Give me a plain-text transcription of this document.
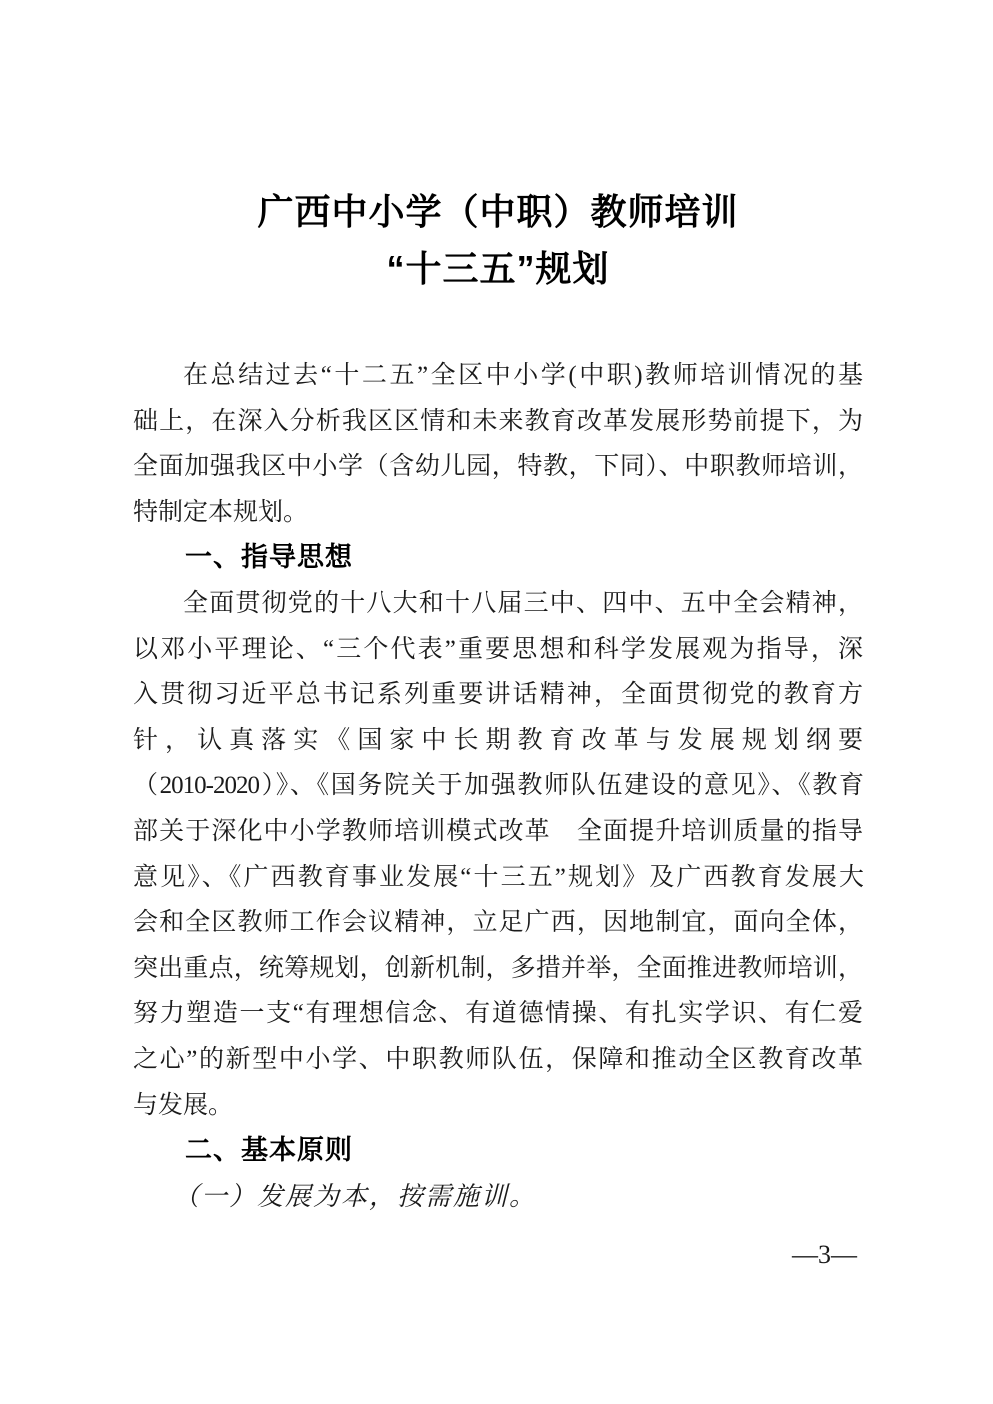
广西中小学（中职）教师培训
“十三五”规划
在总结过去“十二五”全区中小学(中职)教师培训情况的基
础上，在深入分析我区区情和未来教育改革发展形势前提下，为
全面加强我区中小学（含幼儿园，特教，下同）、中职教师培训，
特制定本规划。
一、指导思想
全面贯彻党的十八大和十八届三中、四中、五中全会精神，
以邓小平理论、“三个代表”重要思想和科学发展观为指导，深
入贯彻习近平总书记系列重要讲话精神，全面贯彻党的教育方
针，认真落实《国家中长期教育改革与发展规划纲要
（2010-2020）》、《国务院关于加强教师队伍建设的意见》、《教育
部关于深化中小学教师培训模式改革　全面提升培训质量的指导
意见》、《广西教育事业发展“十三五”规划》及广西教育发展大
会和全区教师工作会议精神，立足广西，因地制宜，面向全体，
突出重点，统筹规划，创新机制，多措并举，全面推进教师培训，
努力塑造一支“有理想信念、有道德情操、有扎实学识、有仁爱
之心”的新型中小学、中职教师队伍，保障和推动全区教育改革
与发展。
二、基本原则
（一）发展为本，按需施训。
—3—
